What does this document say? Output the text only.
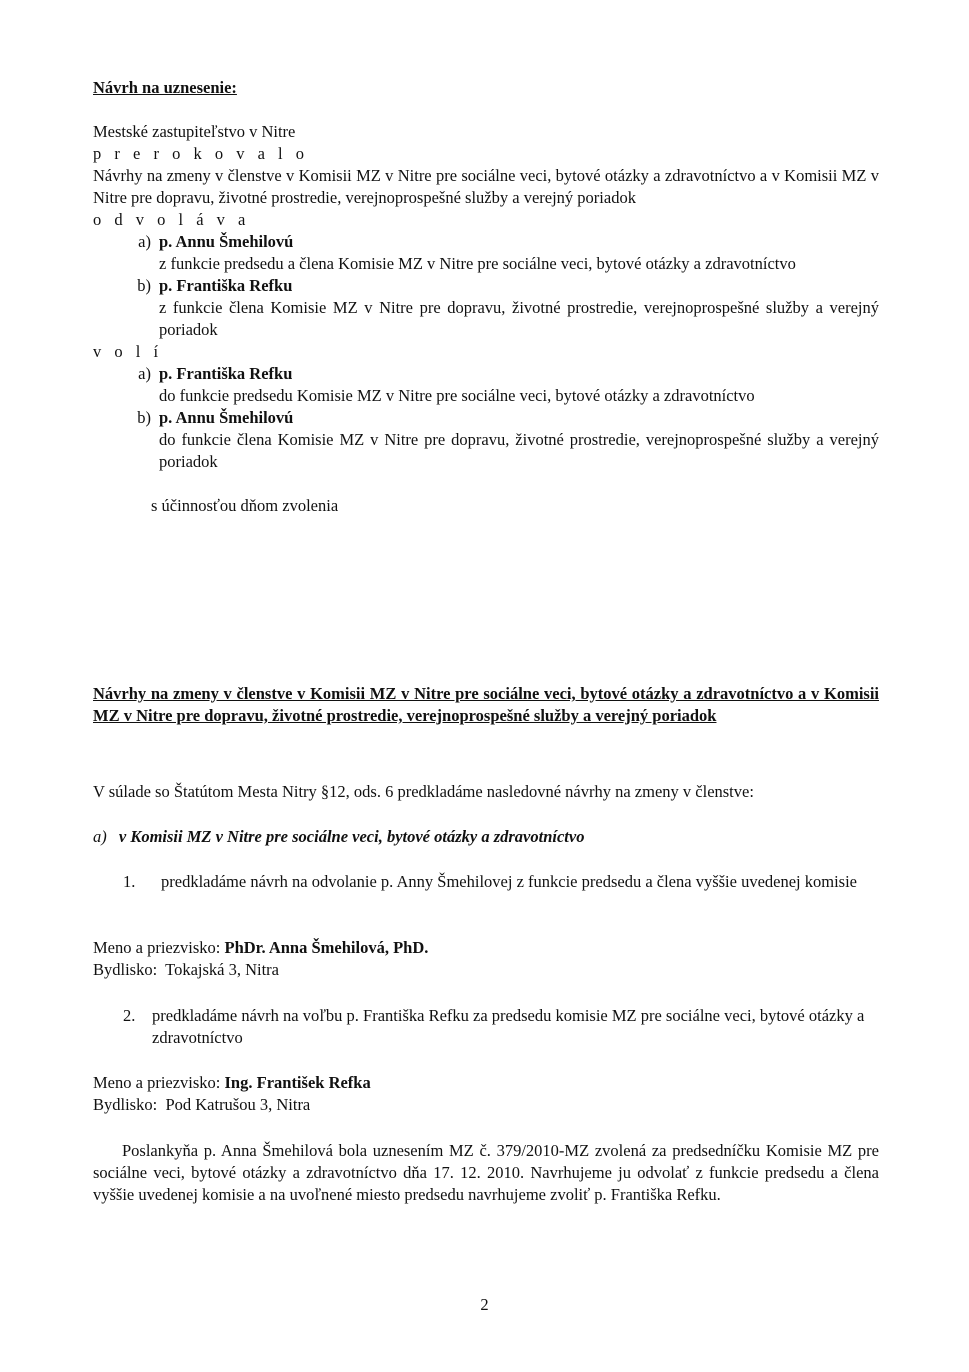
Návrh na uznesenie:
Mestské zastupiteľstvo v Nitre
p r e r o k o v a l o
Návrhy na zmeny v členstve v Komisii MZ v Nitre pre sociálne veci, bytové otázky a zdravotníctvo a v Komisii MZ v Nitre pre dopravu, životné prostredie, verejnoprospešné služby a verejný poriadok
o d v o l á v a
a) p. Annu Šmehilovú
z funkcie predsedu a člena Komisie MZ v Nitre pre sociálne veci, bytové otázky a zdravotníctvo
b) p. Františka Refku
z funkcie člena Komisie MZ v Nitre pre dopravu, životné prostredie, verejnoprospešné služby a verejný poriadok
v o l í
a) p. Františka Refku
do funkcie predsedu Komisie MZ v Nitre pre sociálne veci, bytové otázky a zdravotníctvo
b) p. Annu Šmehilovú
do funkcie člena Komisie MZ v Nitre pre dopravu, životné prostredie, verejnoprospešné služby a verejný poriadok
s účinnosťou dňom zvolenia
Návrhy na zmeny v členstve v Komisii MZ v Nitre pre sociálne veci, bytové otázky a zdravotníctvo a v Komisii MZ v Nitre pre dopravu, životné prostredie, verejnoprospešné služby a verejný poriadok
V súlade so Štatútom Mesta Nitry §12, ods. 6 predkladáme nasledovné návrhy na zmeny v členstve:
a) v Komisii MZ v Nitre pre sociálne veci, bytové otázky a zdravotníctvo
1.	predkladáme návrh na odvolanie p. Anny Šmehilovej z funkcie predsedu a člena vyššie uvedenej komisie
Meno a priezvisko: PhDr. Anna Šmehilová, PhD.
Bydlisko: Tokajská 3, Nitra
2.	predkladáme návrh na voľbu p. Františka Refku za predsedu komisie MZ pre sociálne veci, bytové otázky a zdravotníctvo
Meno a priezvisko: Ing. František Refka
Bydlisko: Pod Katrušou 3, Nitra
Poslankyňa p. Anna Šmehilová bola uznesením MZ č. 379/2010-MZ zvolená za predsedníčku Komisie MZ pre sociálne veci, bytové otázky a zdravotníctvo dňa 17. 12. 2010. Navrhujeme ju odvolať z funkcie predsedu a člena vyššie uvedenej komisie a na uvoľnené miesto predsedu navrhujeme zvoliť p. Františka Refku.
2
